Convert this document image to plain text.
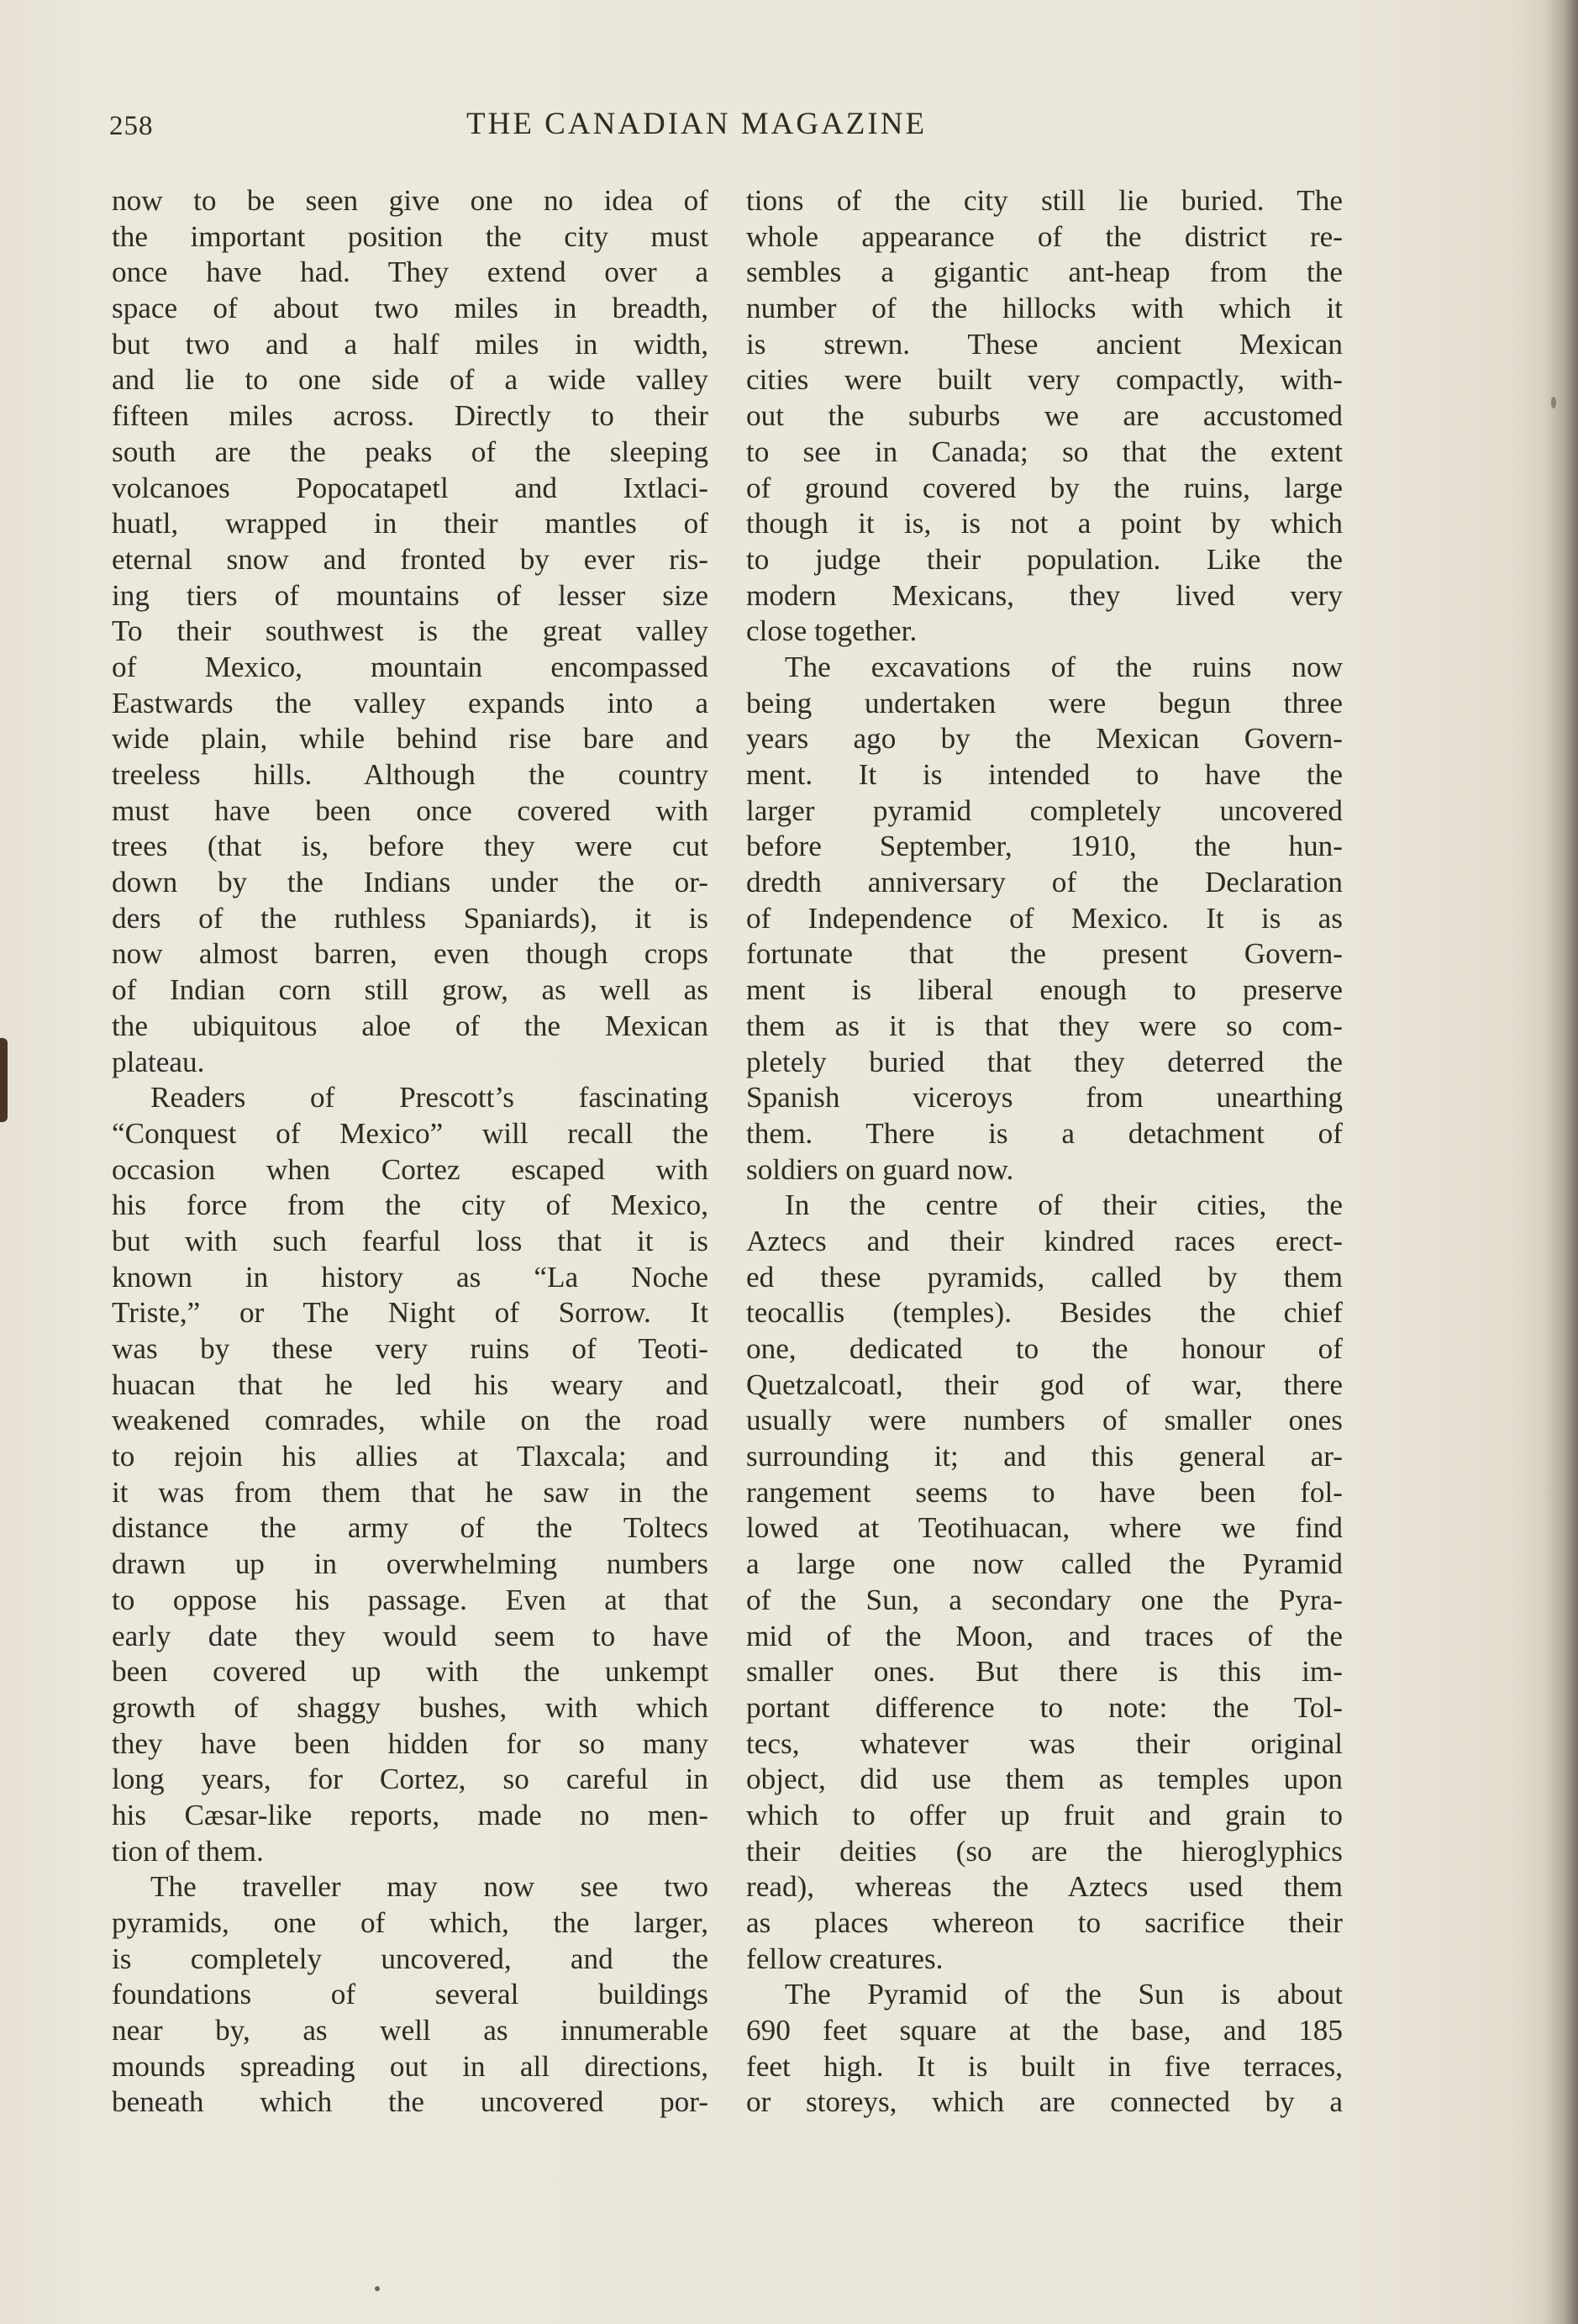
258	THE CANADIAN MAGAZINE
now to be seen give one no idea of
the important position the city must
once have had. They extend over a
space of about two miles in breadth,
but two and a half miles in width,
and lie to one side of a wide valley
fifteen miles across. Directly to their
south are the peaks of the sleeping
volcanoes Popocatapetl and Ixtlaci-
huatl, wrapped in their mantles of
eternal snow and fronted by ever ris-
ing tiers of mountains of lesser size
To their southwest is the great valley
of Mexico, mountain encompassed
Eastwards the valley expands into a
wide plain, while behind rise bare and
treeless hills. Although the country
must have been once covered with
trees (that is, before they were cut
down by the Indians under the or-
ders of the ruthless Spaniards), it is
now almost barren, even though crops
of Indian corn still grow, as well as
the ubiquitous aloe of the Mexican
plateau.
Readers of Prescott’s fascinating
“Conquest of Mexico” will recall the
occasion when Cortez escaped with
his force from the city of Mexico,
but with such fearful loss that it is
known in history as “La Noche
Triste,” or The Night of Sorrow. It
was by these very ruins of Teoti-
huacan that he led his weary and
weakened comrades, while on the road
to rejoin his allies at Tlaxcala; and
it was from them that he saw in the
distance the army of the Toltecs
drawn up in overwhelming numbers
to oppose his passage. Even at that
early date they would seem to have
been covered up with the unkempt
growth of shaggy bushes, with which
they have been hidden for so many
long years, for Cortez, so careful in
his Cæsar-like reports, made no men-
tion of them.
The traveller may now see two
pyramids, one of which, the larger,
is completely uncovered, and the
foundations of several buildings
near by, as well as innumerable
mounds spreading out in all directions,
beneath which the uncovered por-
tions of the city still lie buried. The
whole appearance of the district re-
sembles a gigantic ant-heap from the
number of the hillocks with which it
is strewn. These ancient Mexican
cities were built very compactly, with-
out the suburbs we are accustomed
to see in Canada; so that the extent
of ground covered by the ruins, large
though it is, is not a point by which
to judge their population. Like the
modern Mexicans, they lived very
close together.
The excavations of the ruins now
being undertaken were begun three
years ago by the Mexican Govern-
ment. It is intended to have the
larger pyramid completely uncovered
before September, 1910, the hun-
dredth anniversary of the Declaration
of Independence of Mexico. It is as
fortunate that the present Govern-
ment is liberal enough to preserve
them as it is that they were so com-
pletely buried that they deterred the
Spanish viceroys from unearthing
them. There is a detachment of
soldiers on guard now.
In the centre of their cities, the
Aztecs and their kindred races erect-
ed these pyramids, called by them
teocallis (temples). Besides the chief
one, dedicated to the honour of
Quetzalcoatl, their god of war, there
usually were numbers of smaller ones
surrounding it; and this general ar-
rangement seems to have been fol-
lowed at Teotihuacan, where we find
a large one now called the Pyramid
of the Sun, a secondary one the Pyra-
mid of the Moon, and traces of the
smaller ones. But there is this im-
portant difference to note: the Tol-
tecs, whatever was their original
object, did use them as temples upon
which to offer up fruit and grain to
their deities (so are the hieroglyphics
read), whereas the Aztecs used them
as places whereon to sacrifice their
fellow creatures.
The Pyramid of the Sun is about
690 feet square at the base, and 185
feet high. It is built in five terraces,
or storeys, which are connected by a
